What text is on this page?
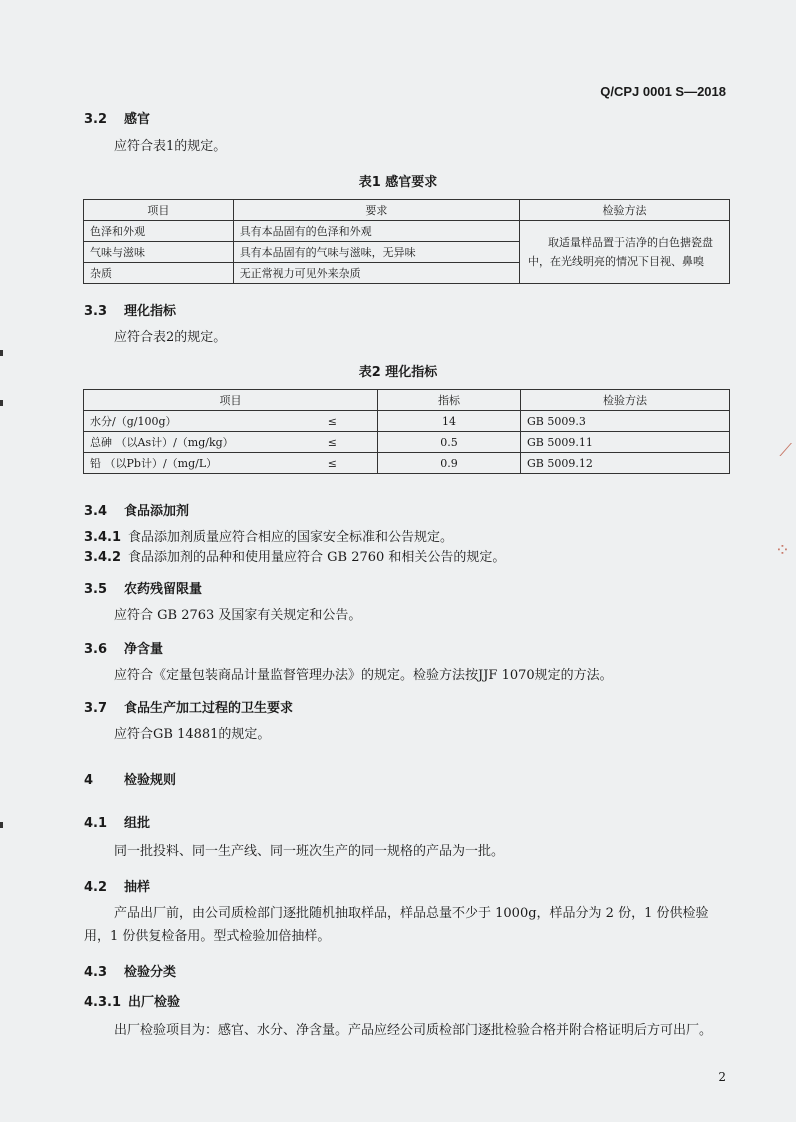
Q/CPJ 0001 S—2018
3.2 感官
应符合表1的规定。
表1 感官要求
项目	要求	检验方法
色泽和外观	具有本品固有的色泽和外观	取适量样品置于洁净的白色搪瓷盘中，在光线明亮的情况下目视、鼻嗅
气味与滋味	具有本品固有的气味与滋味，无异味	
杂质	无正常视力可见外来杂质	
3.3 理化指标
应符合表2的规定。
表2 理化指标
项目		指标	检验方法
水分/（g/100g）	≤	14	GB 5009.3
总砷 （以As计）/（mg/kg）	≤	0.5	GB 5009.11
铅 （以Pb计）/（mg/L）	≤	0.9	GB 5009.12
3.4 食品添加剂
3.4.1 食品添加剂质量应符合相应的国家安全标准和公告规定。
3.4.2 食品添加剂的品种和使用量应符合 GB 2760 和相关公告的规定。
3.5 农药残留限量
应符合 GB 2763 及国家有关规定和公告。
3.6 净含量
应符合《定量包装商品计量监督管理办法》的规定。检验方法按JJF 1070规定的方法。
3.7 食品生产加工过程的卫生要求
应符合GB 14881的规定。
4 检验规则
4.1 组批
同一批投料、同一生产线、同一班次生产的同一规格的产品为一批。
4.2 抽样
产品出厂前，由公司质检部门逐批随机抽取样品，样品总量不少于 1000g，样品分为 2 份，1 份供检验用，1 份供复检备用。型式检验加倍抽样。
4.3 检验分类
4.3.1 出厂检验
出厂检验项目为：感官、水分、净含量。产品应经公司质检部门逐批检验合格并附合格证明后方可出厂。
2
⟋
⁘
